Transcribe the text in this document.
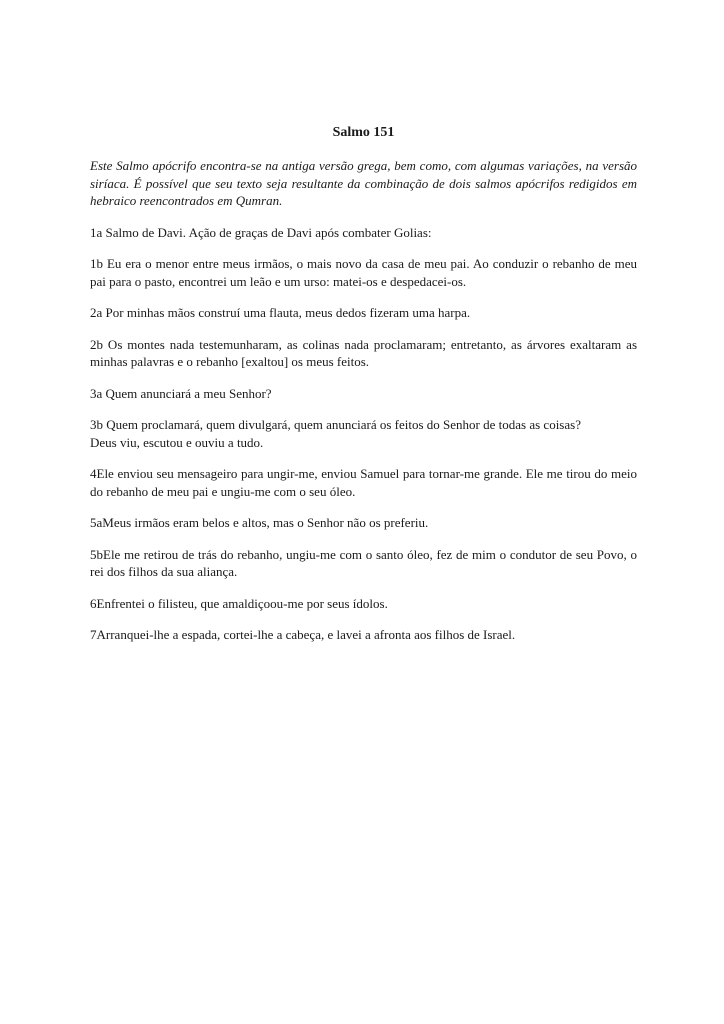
Salmo 151

Este Salmo apócrifo encontra-se na antiga versão grega, bem como, com algumas variações, na versão siríaca. É possível que seu texto seja resultante da combinação de dois salmos apócrifos redigidos em hebraico reencontrados em Qumran.

1a Salmo de Davi. Ação de graças de Davi após combater Golias:

1b Eu era o menor entre meus irmãos, o mais novo da casa de meu pai. Ao conduzir o rebanho de meu pai para o pasto, encontrei um leão e um urso: matei-os e despedacei-os.

2a Por minhas mãos construí uma flauta, meus dedos fizeram uma harpa.

2b Os montes nada testemunharam, as colinas nada proclamaram; entretanto, as árvores exaltaram as minhas palavras e o rebanho [exaltou] os meus feitos.

3a Quem anunciará a meu Senhor?

3b Quem proclamará, quem divulgará, quem anunciará os feitos do Senhor de todas as coisas?
Deus viu, escutou e ouviu a tudo.

4Ele enviou seu mensageiro para ungir-me, enviou Samuel para tornar-me grande. Ele me tirou do meio do rebanho de meu pai e ungiu-me com o seu óleo.

5aMeus irmãos eram belos e altos, mas o Senhor não os preferiu.

5bEle me retirou de trás do rebanho, ungiu-me com o santo óleo, fez de mim o condutor de seu Povo, o rei dos filhos da sua aliança.

6Enfrentei o filisteu, que amaldiçoou-me por seus ídolos.

7Arranquei-lhe a espada, cortei-lhe a cabeça, e lavei a afronta aos filhos de Israel.
